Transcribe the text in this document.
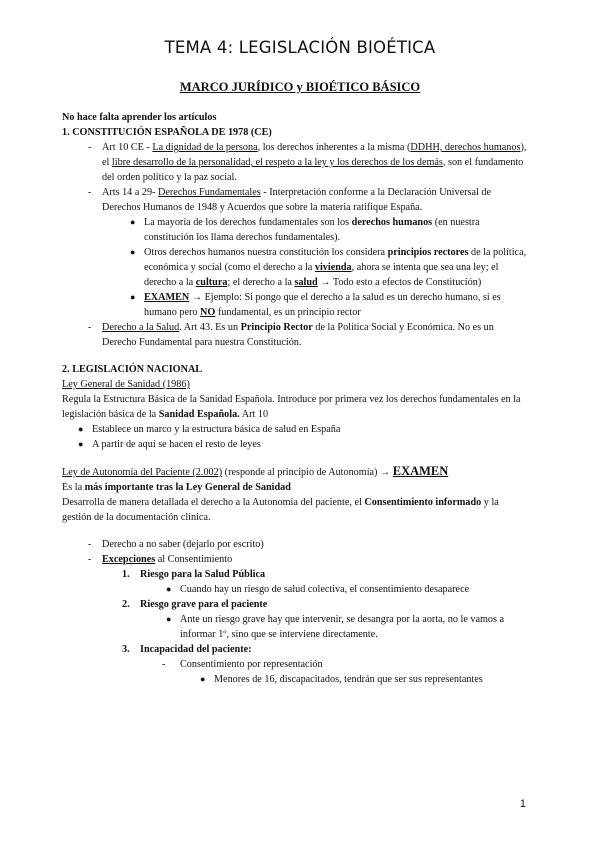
TEMA 4: LEGISLACIÓN BIOÉTICA
MARCO JURÍDICO y BIOÉTICO BÁSICO

No hace falta aprender los artículos

1. CONSTITUCIÓN ESPAÑOLA DE 1978 (CE)

- Art 10 CE - La dignidad de la persona, los derechos inherentes a la misma (DDHH, derechos humanos), el libre desarrollo de la personalidad, el respeto a la ley y los derechos de los demás, son el fundamento del orden político y la paz social.
- Arts 14 a 29- Derechos Fundamentales - Interpretación conforme a la Declaración Universal de Derechos Humanos de 1948 y Acuerdos que sobre la materia ratifique España.
● La mayoría de los derechos fundamentales son los derechos humanos (en nuestra constitución los llama derechos fundamentales).
● Otros derechos humanos nuestra constitución los considera principios rectores de la política, económica y social (como el derecho a la vivienda, ahora se intenta que sea una ley; el derecho a la cultura; el derecho a la salud → Todo esto a efectos de Constitución)
● EXAMEN → Ejemplo: Si pongo que el derecho a la salud es un derecho humano, si es humano pero NO fundamental, es un principio rector
- Derecho a la Salud. Art 43. Es un Principio Rector de la Política Social y Económica. No es un Derecho Fundamental para nuestra Constitución.

2. LEGISLACIÓN NACIONAL

Ley General de Sanidad (1986)

Regula la Estructura Básica de la Sanidad Española. Introduce por primera vez los derechos fundamentales en la legislación básica de la Sanidad Española. Art 10

● Establece un marco y la estructura básica de salud en España
● A partir de aquí se hacen el resto de leyes

Ley de Autonomía del Paciente (2.002) (responde al principio de Autonomía) → EXAMEN

Es la más importante tras la Ley General de Sanidad

Desarrolla de manera detallada el derecho a la Autonomía del paciente, el Consentimiento informado y la gestión de la documentación clínica.

- Derecho a no saber (dejarlo por escrito)
- Excepciones al Consentimiento
1. Riesgo para la Salud Pública
● Cuando hay un riesgo de salud colectiva, el consentimiento desaparece
2. Riesgo grave para el paciente
● Ante un riesgo grave hay que intervenir, se desangra por la aorta, no le vamos a informar 1º, sino que se interviene directamente.
3. Incapacidad del paciente:
- Consentimiento por representación
● Menores de 16, discapacitados, tendrán que ser sus representantes
1
